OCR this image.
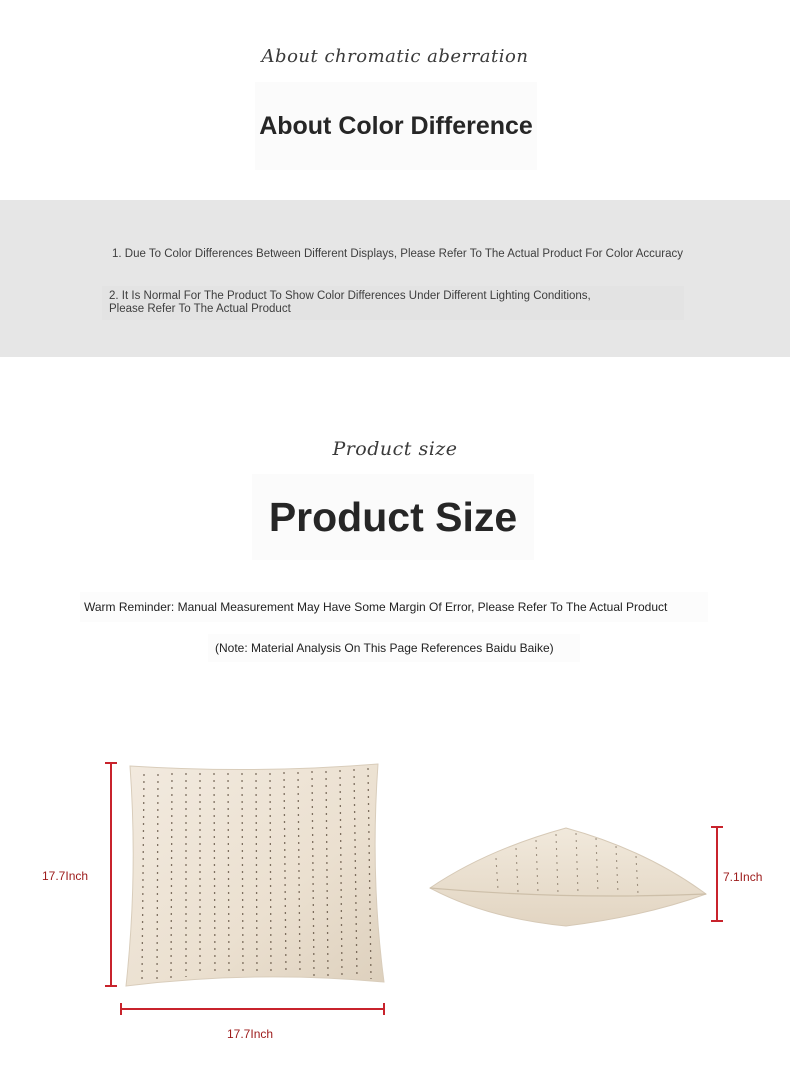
About chromatic aberration
About Color Difference
1. Due To Color Differences Between Different Displays, Please Refer To The Actual Product For Color Accuracy
2. It Is Normal For The Product To Show Color Differences Under Different Lighting Conditions,
Please Refer To The Actual Product
Product size
Product Size
Warm Reminder: Manual Measurement May Have Some Margin Of Error, Please Refer To The Actual Product
(Note: Material Analysis On This Page References Baidu Baike)
17.7Inch
17.7Inch
7.1Inch
